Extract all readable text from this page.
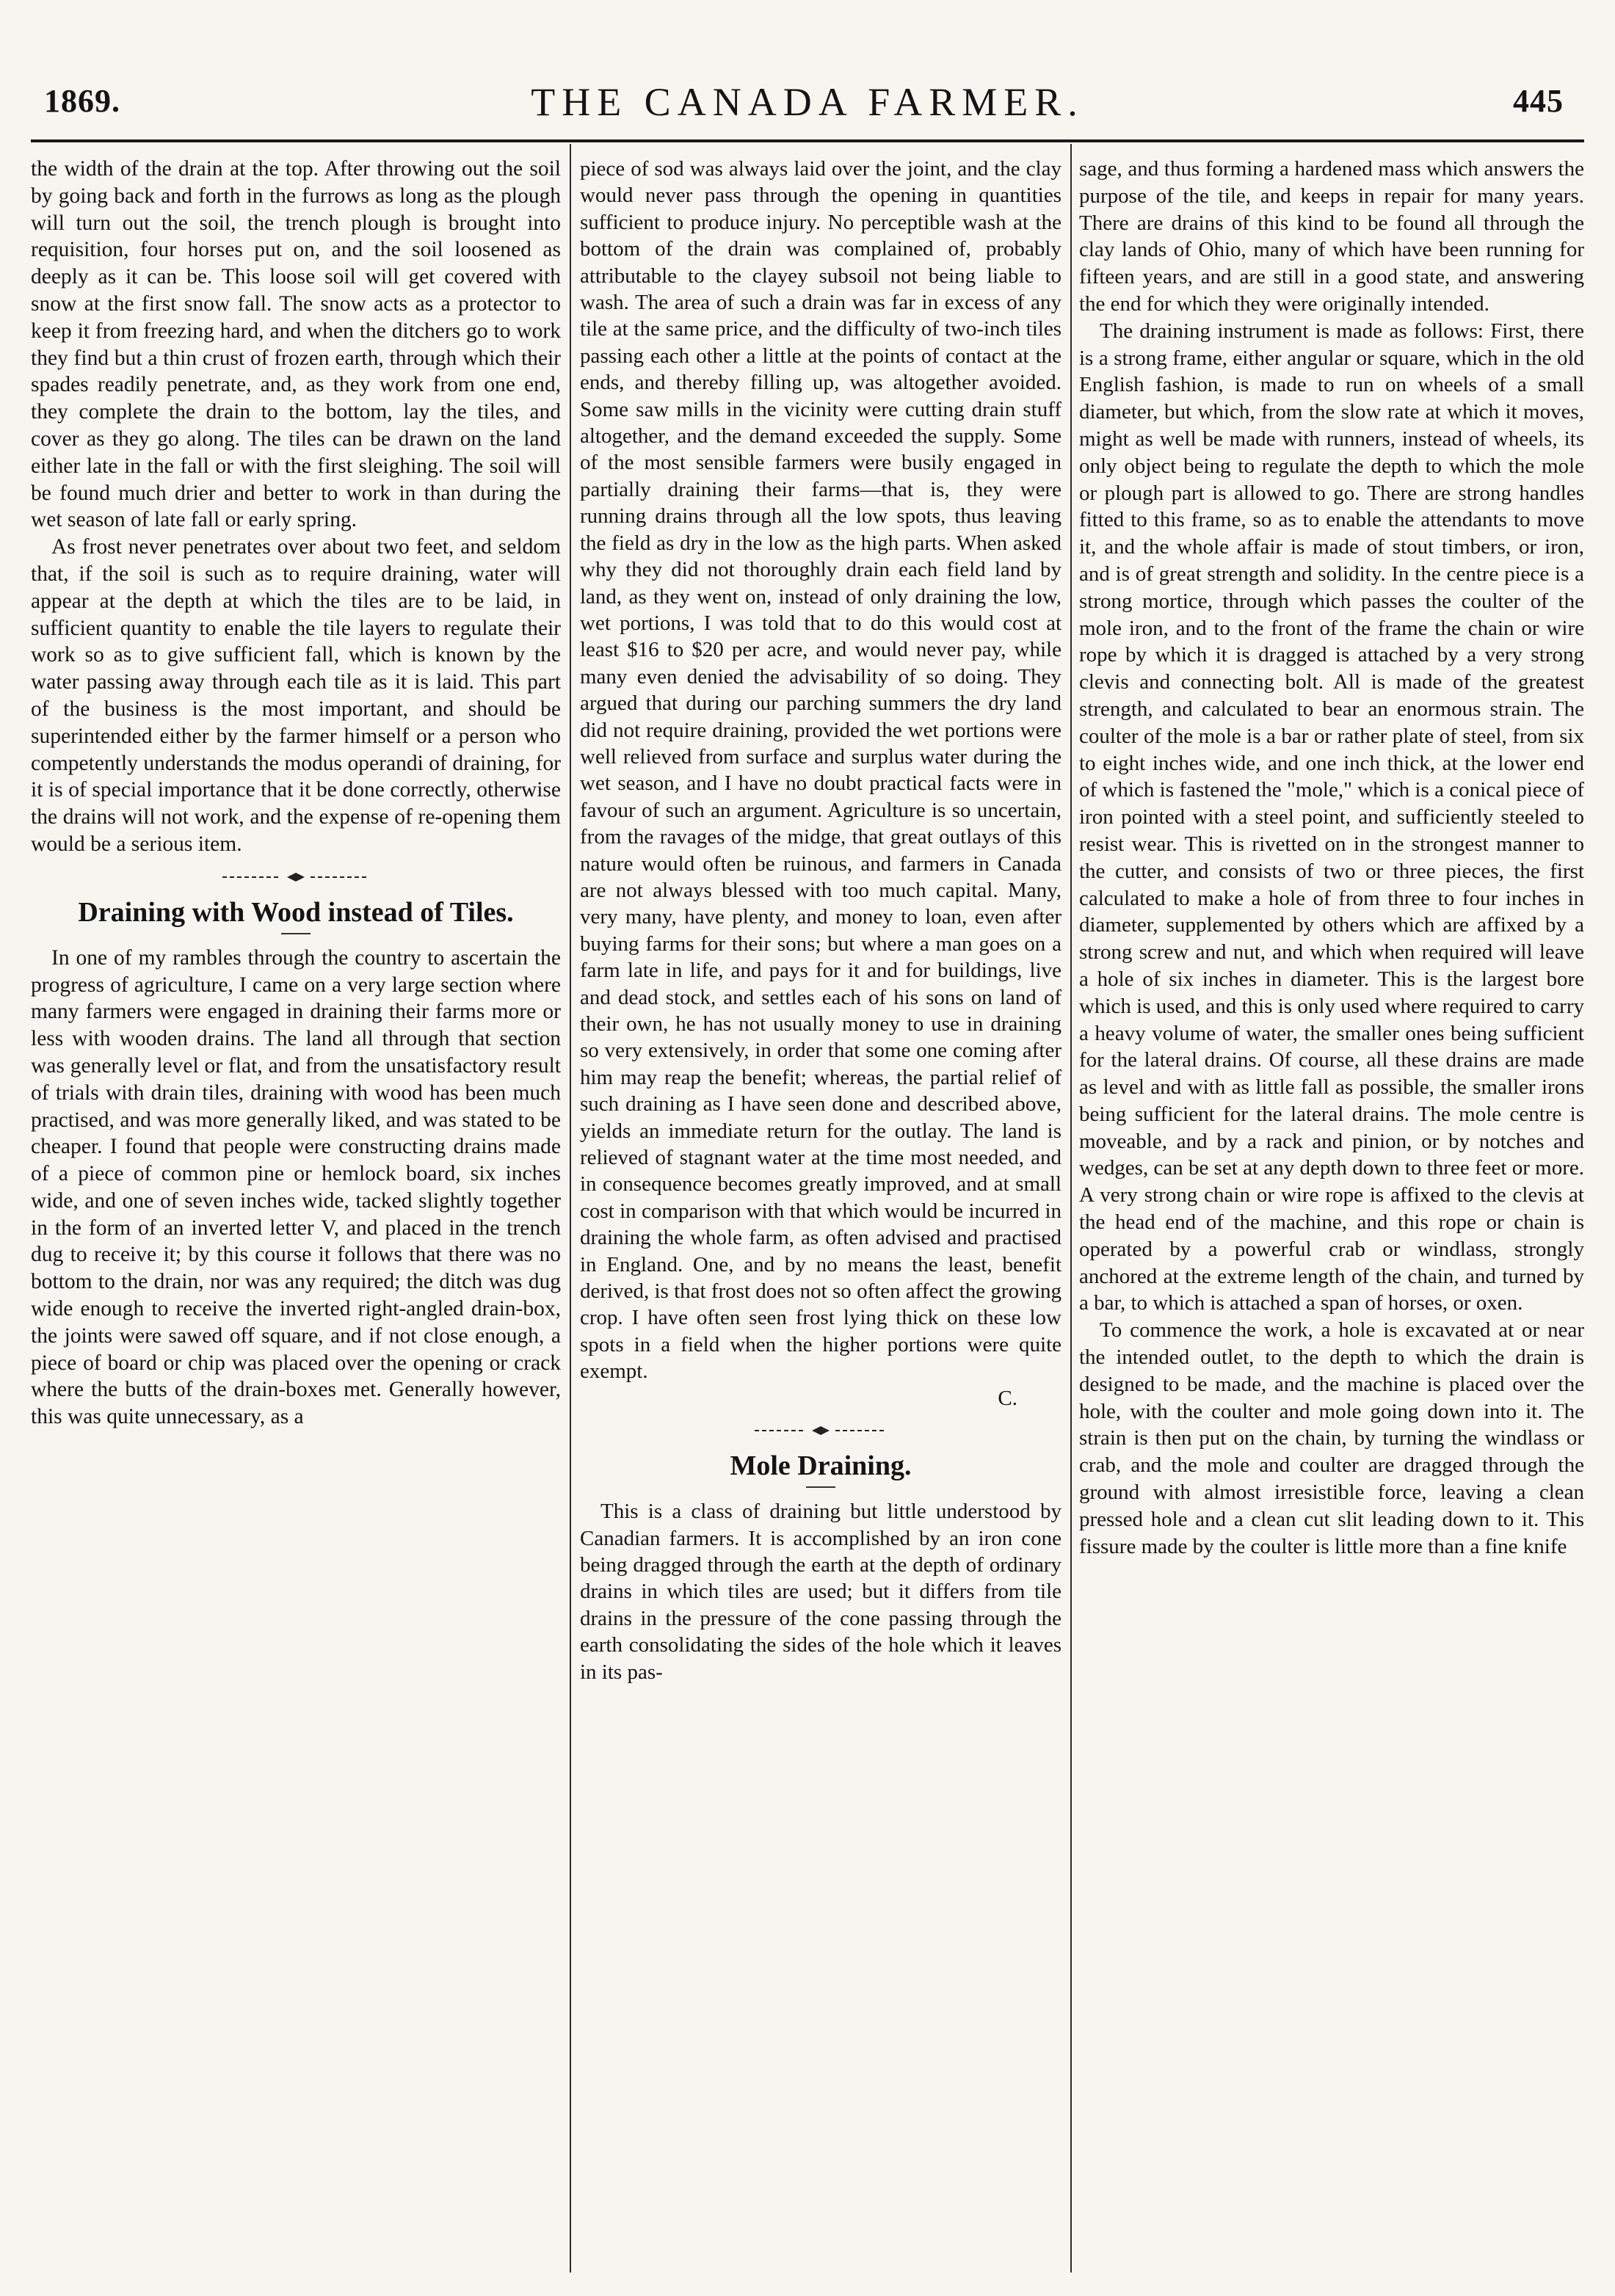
1869.	THE CANADA FARMER.	445

the width of the drain at the top. After throwing out the soil by going back and forth in the furrows as long as the plough will turn out the soil, the trench plough is brought into requisition, four horses put on, and the soil loosened as deeply as it can be. This loose soil will get covered with snow at the first snow fall. The snow acts as a protector to keep it from freezing hard, and when the ditchers go to work they find but a thin crust of frozen earth, through which their spades readily penetrate, and, as they work from one end, they complete the drain to the bottom, lay the tiles, and cover as they go along. The tiles can be drawn on the land either late in the fall or with the first sleighing. The soil will be found much drier and better to work in than during the wet season of late fall or early spring.

As frost never penetrates over about two feet, and seldom that, if the soil is such as to require draining, water will appear at the depth at which the tiles are to be laid, in sufficient quantity to enable the tile layers to regulate their work so as to give sufficient fall, which is known by the water passing away through each tile as it is laid. This part of the business is the most important, and should be superintended either by the farmer himself or a person who competently understands the modus operandi of draining, for it is of special importance that it be done correctly, otherwise the drains will not work, and the expense of re-opening them would be a serious item.

Draining with Wood instead of Tiles.

In one of my rambles through the country to ascertain the progress of agriculture, I came on a very large section where many farmers were engaged in draining their farms more or less with wooden drains. The land all through that section was generally level or flat, and from the unsatisfactory result of trials with drain tiles, draining with wood has been much practised, and was more generally liked, and was stated to be cheaper. I found that people were constructing drains made of a piece of common pine or hemlock board, six inches wide, and one of seven inches wide, tacked slightly together in the form of an inverted letter V, and placed in the trench dug to receive it; by this course it follows that there was no bottom to the drain, nor was any required; the ditch was dug wide enough to receive the inverted right-angled drain-box, the joints were sawed off square, and if not close enough, a piece of board or chip was placed over the opening or crack where the butts of the drain-boxes met. Generally however, this was quite unnecessary, as a

piece of sod was always laid over the joint, and the clay would never pass through the opening in quantities sufficient to produce injury. No perceptible wash at the bottom of the drain was complained of, probably attributable to the clayey subsoil not being liable to wash. The area of such a drain was far in excess of any tile at the same price, and the difficulty of two-inch tiles passing each other a little at the points of contact at the ends, and thereby filling up, was altogether avoided. Some saw mills in the vicinity were cutting drain stuff altogether, and the demand exceeded the supply. Some of the most sensible farmers were busily engaged in partially draining their farms—that is, they were running drains through all the low spots, thus leaving the field as dry in the low as the high parts. When asked why they did not thoroughly drain each field land by land, as they went on, instead of only draining the low, wet portions, I was told that to do this would cost at least $16 to $20 per acre, and would never pay, while many even denied the advisability of so doing. They argued that during our parching summers the dry land did not require draining, provided the wet portions were well relieved from surface and surplus water during the wet season, and I have no doubt practical facts were in favour of such an argument. Agriculture is so uncertain, from the ravages of the midge, that great outlays of this nature would often be ruinous, and farmers in Canada are not always blessed with too much capital. Many, very many, have plenty, and money to loan, even after buying farms for their sons; but where a man goes on a farm late in life, and pays for it and for buildings, live and dead stock, and settles each of his sons on land of their own, he has not usually money to use in draining so very extensively, in order that some one coming after him may reap the benefit; whereas, the partial relief of such draining as I have seen done and described above, yields an immediate return for the outlay. The land is relieved of stagnant water at the time most needed, and in consequence becomes greatly improved, and at small cost in comparison with that which would be incurred in draining the whole farm, as often advised and practised in England. One, and by no means the least, benefit derived, is that frost does not so often affect the growing crop. I have often seen frost lying thick on these low spots in a field when the higher portions were quite exempt.

C.

Mole Draining.

This is a class of draining but little understood by Canadian farmers. It is accomplished by an iron cone being dragged through the earth at the depth of ordinary drains in which tiles are used; but it differs from tile drains in the pressure of the cone passing through the earth consolidating the sides of the hole which it leaves in its pas-

sage, and thus forming a hardened mass which answers the purpose of the tile, and keeps in repair for many years. There are drains of this kind to be found all through the clay lands of Ohio, many of which have been running for fifteen years, and are still in a good state, and answering the end for which they were originally intended.

The draining instrument is made as follows: First, there is a strong frame, either angular or square, which in the old English fashion, is made to run on wheels of a small diameter, but which, from the slow rate at which it moves, might as well be made with runners, instead of wheels, its only object being to regulate the depth to which the mole or plough part is allowed to go. There are strong handles fitted to this frame, so as to enable the attendants to move it, and the whole affair is made of stout timbers, or iron, and is of great strength and solidity. In the centre piece is a strong mortice, through which passes the coulter of the mole iron, and to the front of the frame the chain or wire rope by which it is dragged is attached by a very strong clevis and connecting bolt. All is made of the greatest strength, and calculated to bear an enormous strain. The coulter of the mole is a bar or rather plate of steel, from six to eight inches wide, and one inch thick, at the lower end of which is fastened the "mole," which is a conical piece of iron pointed with a steel point, and sufficiently steeled to resist wear. This is rivetted on in the strongest manner to the cutter, and consists of two or three pieces, the first calculated to make a hole of from three to four inches in diameter, supplemented by others which are affixed by a strong screw and nut, and which when required will leave a hole of six inches in diameter. This is the largest bore which is used, and this is only used where required to carry a heavy volume of water, the smaller ones being sufficient for the lateral drains. Of course, all these drains are made as level and with as little fall as possible, the smaller irons being sufficient for the lateral drains. The mole centre is moveable, and by a rack and pinion, or by notches and wedges, can be set at any depth down to three feet or more. A very strong chain or wire rope is affixed to the clevis at the head end of the machine, and this rope or chain is operated by a powerful crab or windlass, strongly anchored at the extreme length of the chain, and turned by a bar, to which is attached a span of horses, or oxen.

To commence the work, a hole is excavated at or near the intended outlet, to the depth to which the drain is designed to be made, and the machine is placed over the hole, with the coulter and mole going down into it. The strain is then put on the chain, by turning the windlass or crab, and the mole and coulter are dragged through the ground with almost irresistible force, leaving a clean pressed hole and a clean cut slit leading down to it. This fissure made by the coulter is little more than a fine knife
